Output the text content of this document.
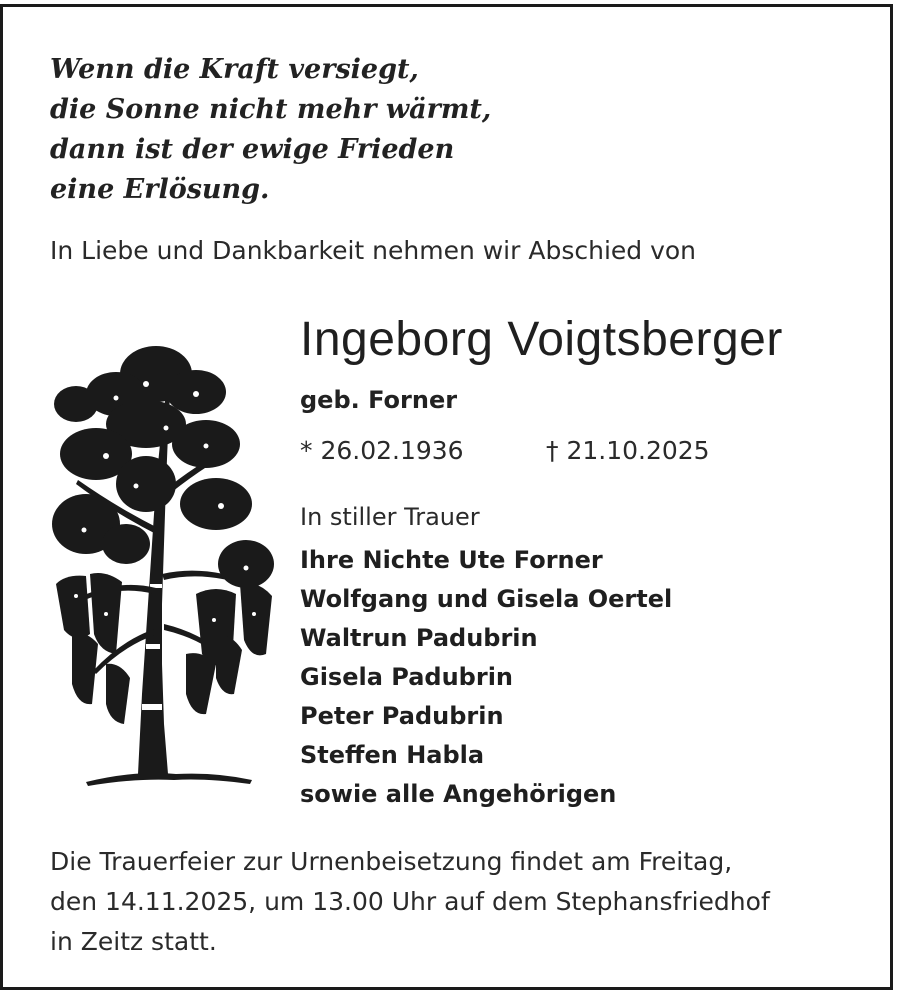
Wenn die Kraft versiegt,
die Sonne nicht mehr wärmt,
dann ist der ewige Frieden
eine Erlösung.
In Liebe und Dankbarkeit nehmen wir Abschied von
Ingeborg Voigtsberger
geb. Forner
* 26.02.1936	† 21.10.2025
In stiller Trauer
Ihre Nichte Ute Forner
Wolfgang und Gisela Oertel
Waltrun Padubrin
Gisela Padubrin
Peter Padubrin
Steffen Habla
sowie alle Angehörigen
Die Trauerfeier zur Urnenbeisetzung findet am Freitag,
den 14.11.2025, um 13.00 Uhr auf dem Stephansfriedhof
in Zeitz statt.
